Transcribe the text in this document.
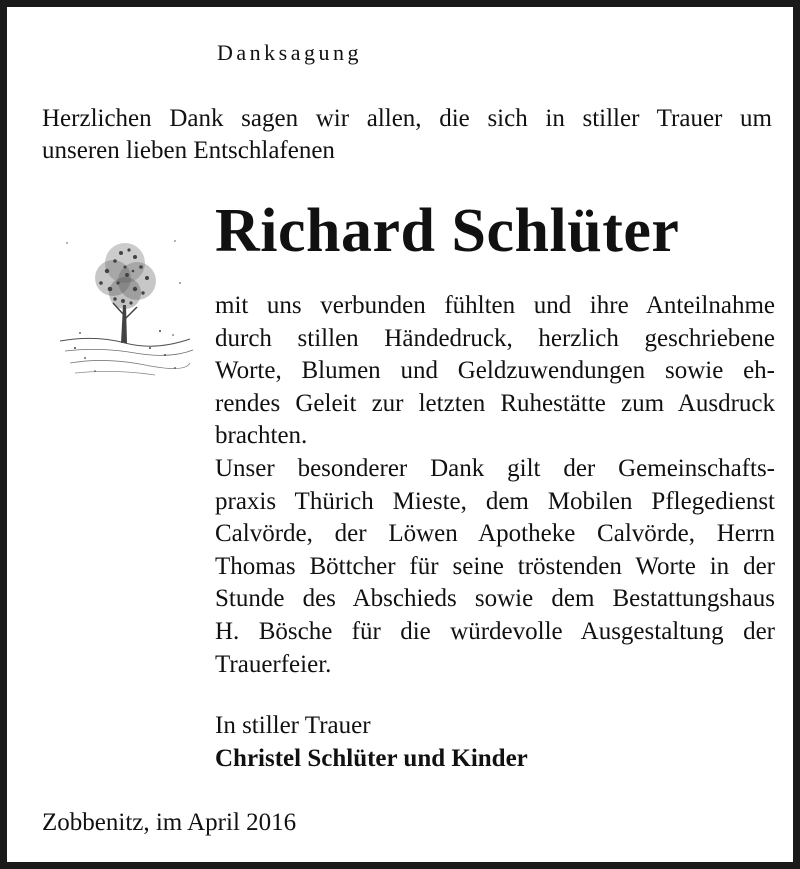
Danksagung
Herzlichen Dank sagen wir allen, die sich in stiller Trauer um
unseren lieben Entschlafenen
Richard Schlüter
mit uns verbunden fühlten und ihre Anteilnahme
durch stillen Händedruck, herzlich geschriebene
Worte, Blumen und Geldzuwendungen sowie eh-
rendes Geleit zur letzten Ruhestätte zum Ausdruck
brachten.
Unser besonderer Dank gilt der Gemeinschafts-
praxis Thürich Mieste, dem Mobilen Pflegedienst
Calvörde, der Löwen Apotheke Calvörde, Herrn
Thomas Böttcher für seine tröstenden Worte in der
Stunde des Abschieds sowie dem Bestattungshaus
H. Bösche für die würdevolle Ausgestaltung der
Trauerfeier.
In stiller Trauer
Christel Schlüter und Kinder
Zobbenitz, im April 2016
